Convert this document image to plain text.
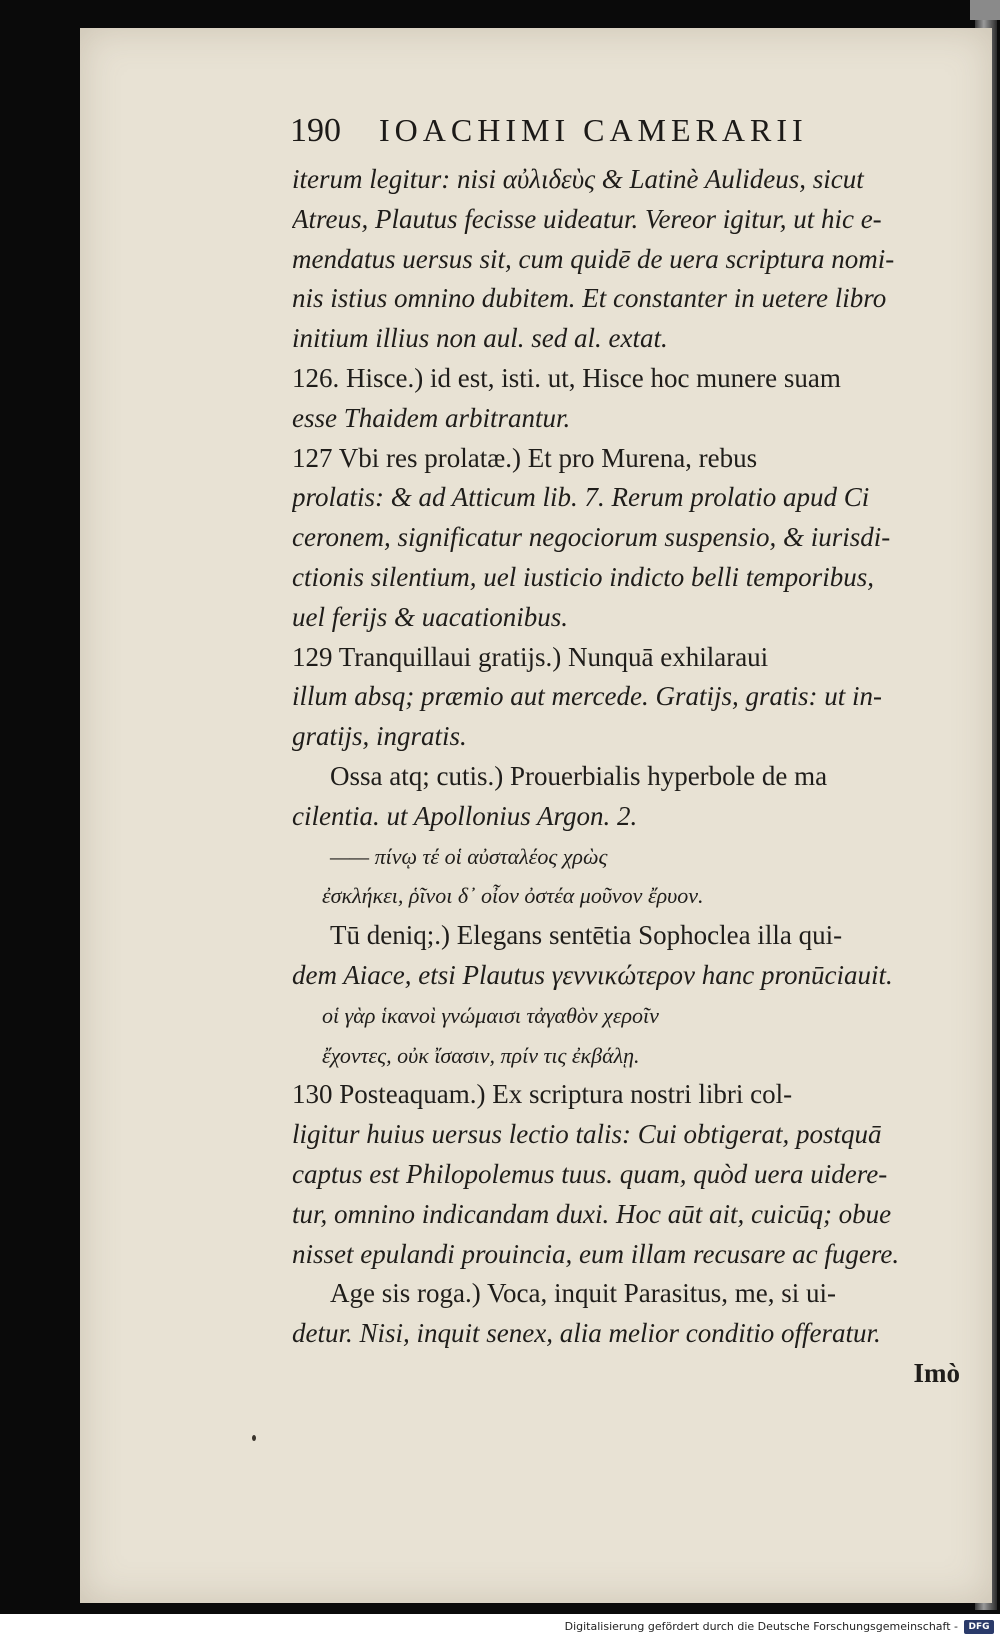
190 IOACHIMI CAMERARII
iterum legitur: nisi αὐλιδεὺς & Latinè Aulideus, sicut
Atreus, Plautus fecisse uideatur. Vereor igitur, ut hic e-
mendatus uersus sit, cum quidē de uera scriptura nomi-
nis istius omnino dubitem. Et constanter in uetere libro
initium illius non aul. sed al. extat.
126. Hisce.) id est, isti. ut, Hisce hoc munere suam
esse Thaidem arbitrantur.
127 Vbi res prolatæ.) Et pro Murena, rebus
prolatis: & ad Atticum lib. 7. Rerum prolatio apud Ci
ceronem, significatur negociorum suspensio, & iurisdi-
ctionis silentium, uel iusticio indicto belli temporibus,
uel ferijs & uacationibus.
129 Tranquillaui gratijs.) Nunquā exhilaraui
illum absq; præmio aut mercede. Gratijs, gratis: ut in-
gratijs, ingratis.
Ossa atq; cutis.) Prouerbialis hyperbole de ma
cilentia. ut Apollonius Argon. 2.
—— πίνῳ τέ οἱ αὐσταλέος χρὼς
ἐσκλήκει, ῥῖνοι δ᾽ οἶον ὀστέα μοῦνον ἔρυον.
Tū deniq;.) Elegans sentētia Sophoclea illa qui-
dem Aiace, etsi Plautus γεννικώτερον hanc pronūciauit.
οἱ γὰρ ἱκανοὶ γνώμαισι τἀγαθὸν χεροῖν
ἔχοντες, οὐκ ἴσασιν, πρίν τις ἐκβάλῃ.
130 Posteaquam.) Ex scriptura nostri libri col-
ligitur huius uersus lectio talis: Cui obtigerat, postquā
captus est Philopolemus tuus. quam, quòd uera uidere-
tur, omnino indicandam duxi. Hoc aūt ait, cuicūq; obue
nisset epulandi prouincia, eum illam recusare ac fugere.
Age sis roga.) Voca, inquit Parasitus, me, si ui-
detur. Nisi, inquit senex, alia melior conditio offeratur.
Imò
Digitalisierung gefördert durch die Deutsche Forschungsgemeinschaft -	DFG
